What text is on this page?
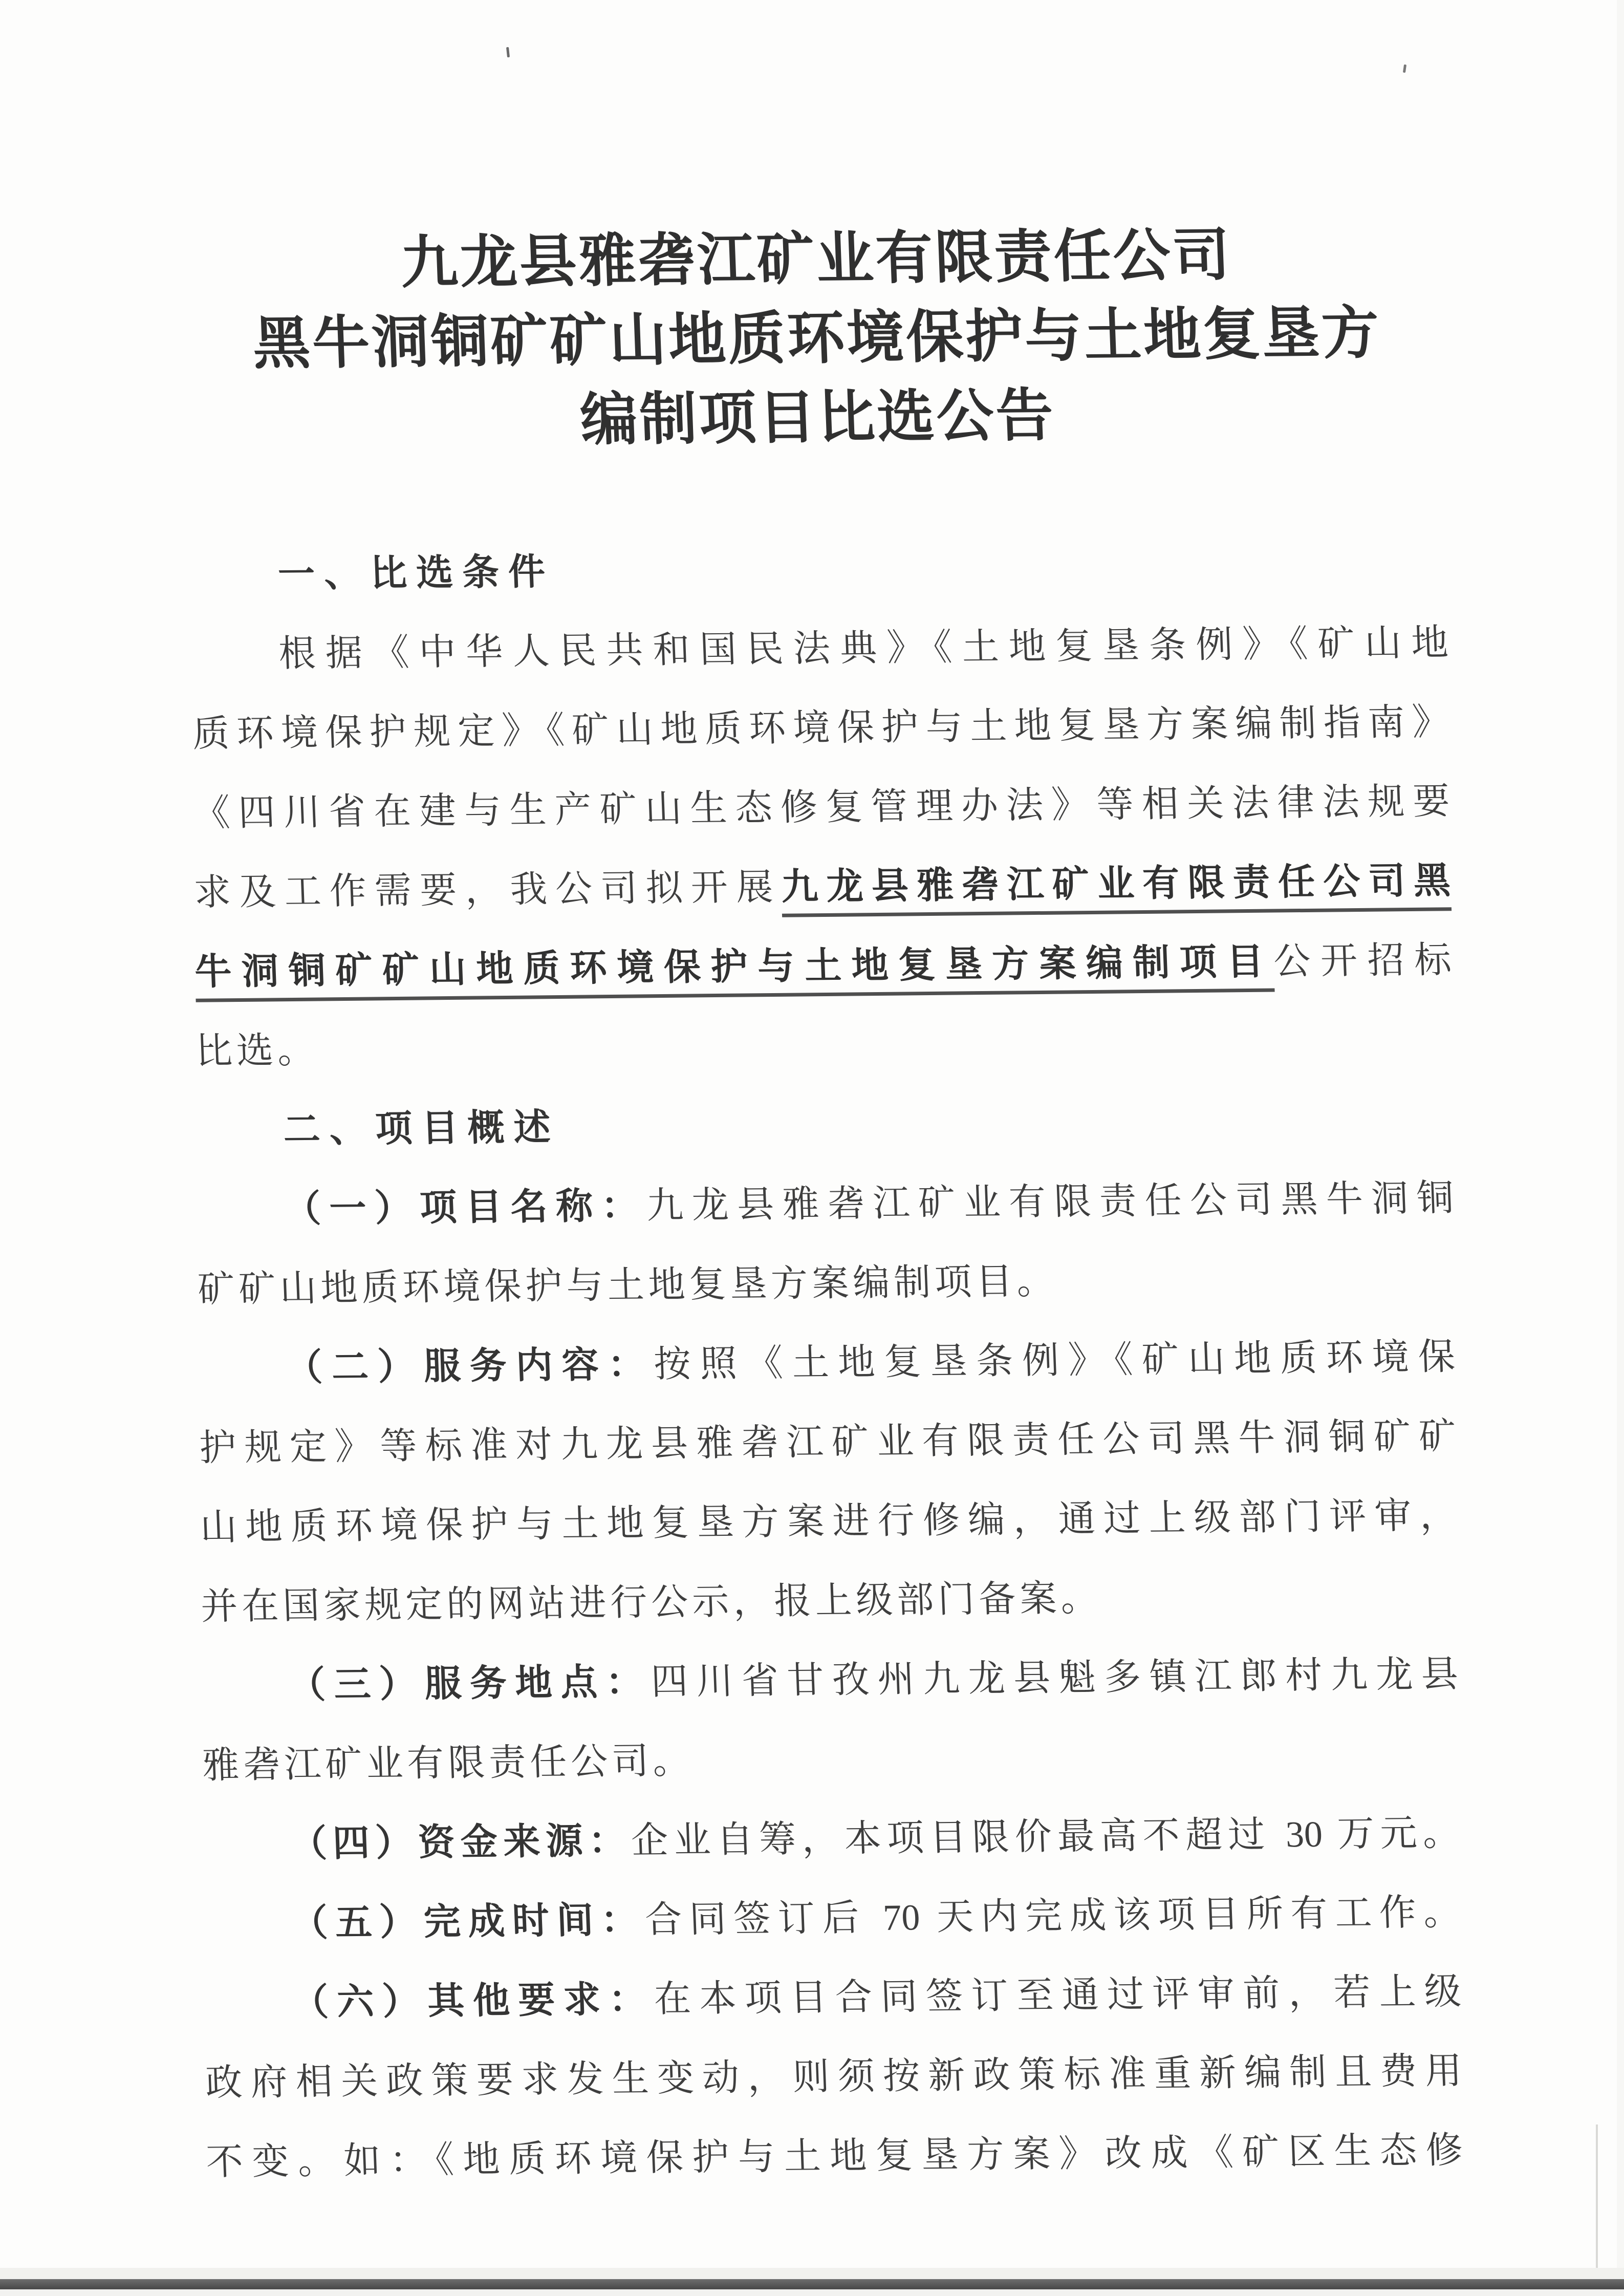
九龙县雅砻江矿业有限责任公司
黑牛洞铜矿矿山地质环境保护与土地复垦方
编制项目比选公告
一、比选条件
根据《中华人民共和国民法典》《土地复垦条例》《矿山地
质环境保护规定》《矿山地质环境保护与土地复垦方案编制指南》
《四川省在建与生产矿山生态修复管理办法》等相关法律法规要
求及工作需要，我公司拟开展九龙县雅砻江矿业有限责任公司黑
牛洞铜矿矿山地质环境保护与土地复垦方案编制项目公开招标
比选。
二、项目概述
（一）项目名称：九龙县雅砻江矿业有限责任公司黑牛洞铜
矿矿山地质环境保护与土地复垦方案编制项目。
（二）服务内容：按照《土地复垦条例》《矿山地质环境保
护规定》等标准对九龙县雅砻江矿业有限责任公司黑牛洞铜矿矿
山地质环境保护与土地复垦方案进行修编，通过上级部门评审，
并在国家规定的网站进行公示，报上级部门备案。
（三）服务地点：四川省甘孜州九龙县魁多镇江郎村九龙县
雅砻江矿业有限责任公司。
（四）资金来源：企业自筹，本项目限价最高不超过 30 万元。
（五）完成时间：合同签订后 70 天内完成该项目所有工作。
（六）其他要求：在本项目合同签订至通过评审前，若上级
政府相关政策要求发生变动，则须按新政策标准重新编制且费用
不变。如：《地质环境保护与土地复垦方案》改成《矿区生态修
